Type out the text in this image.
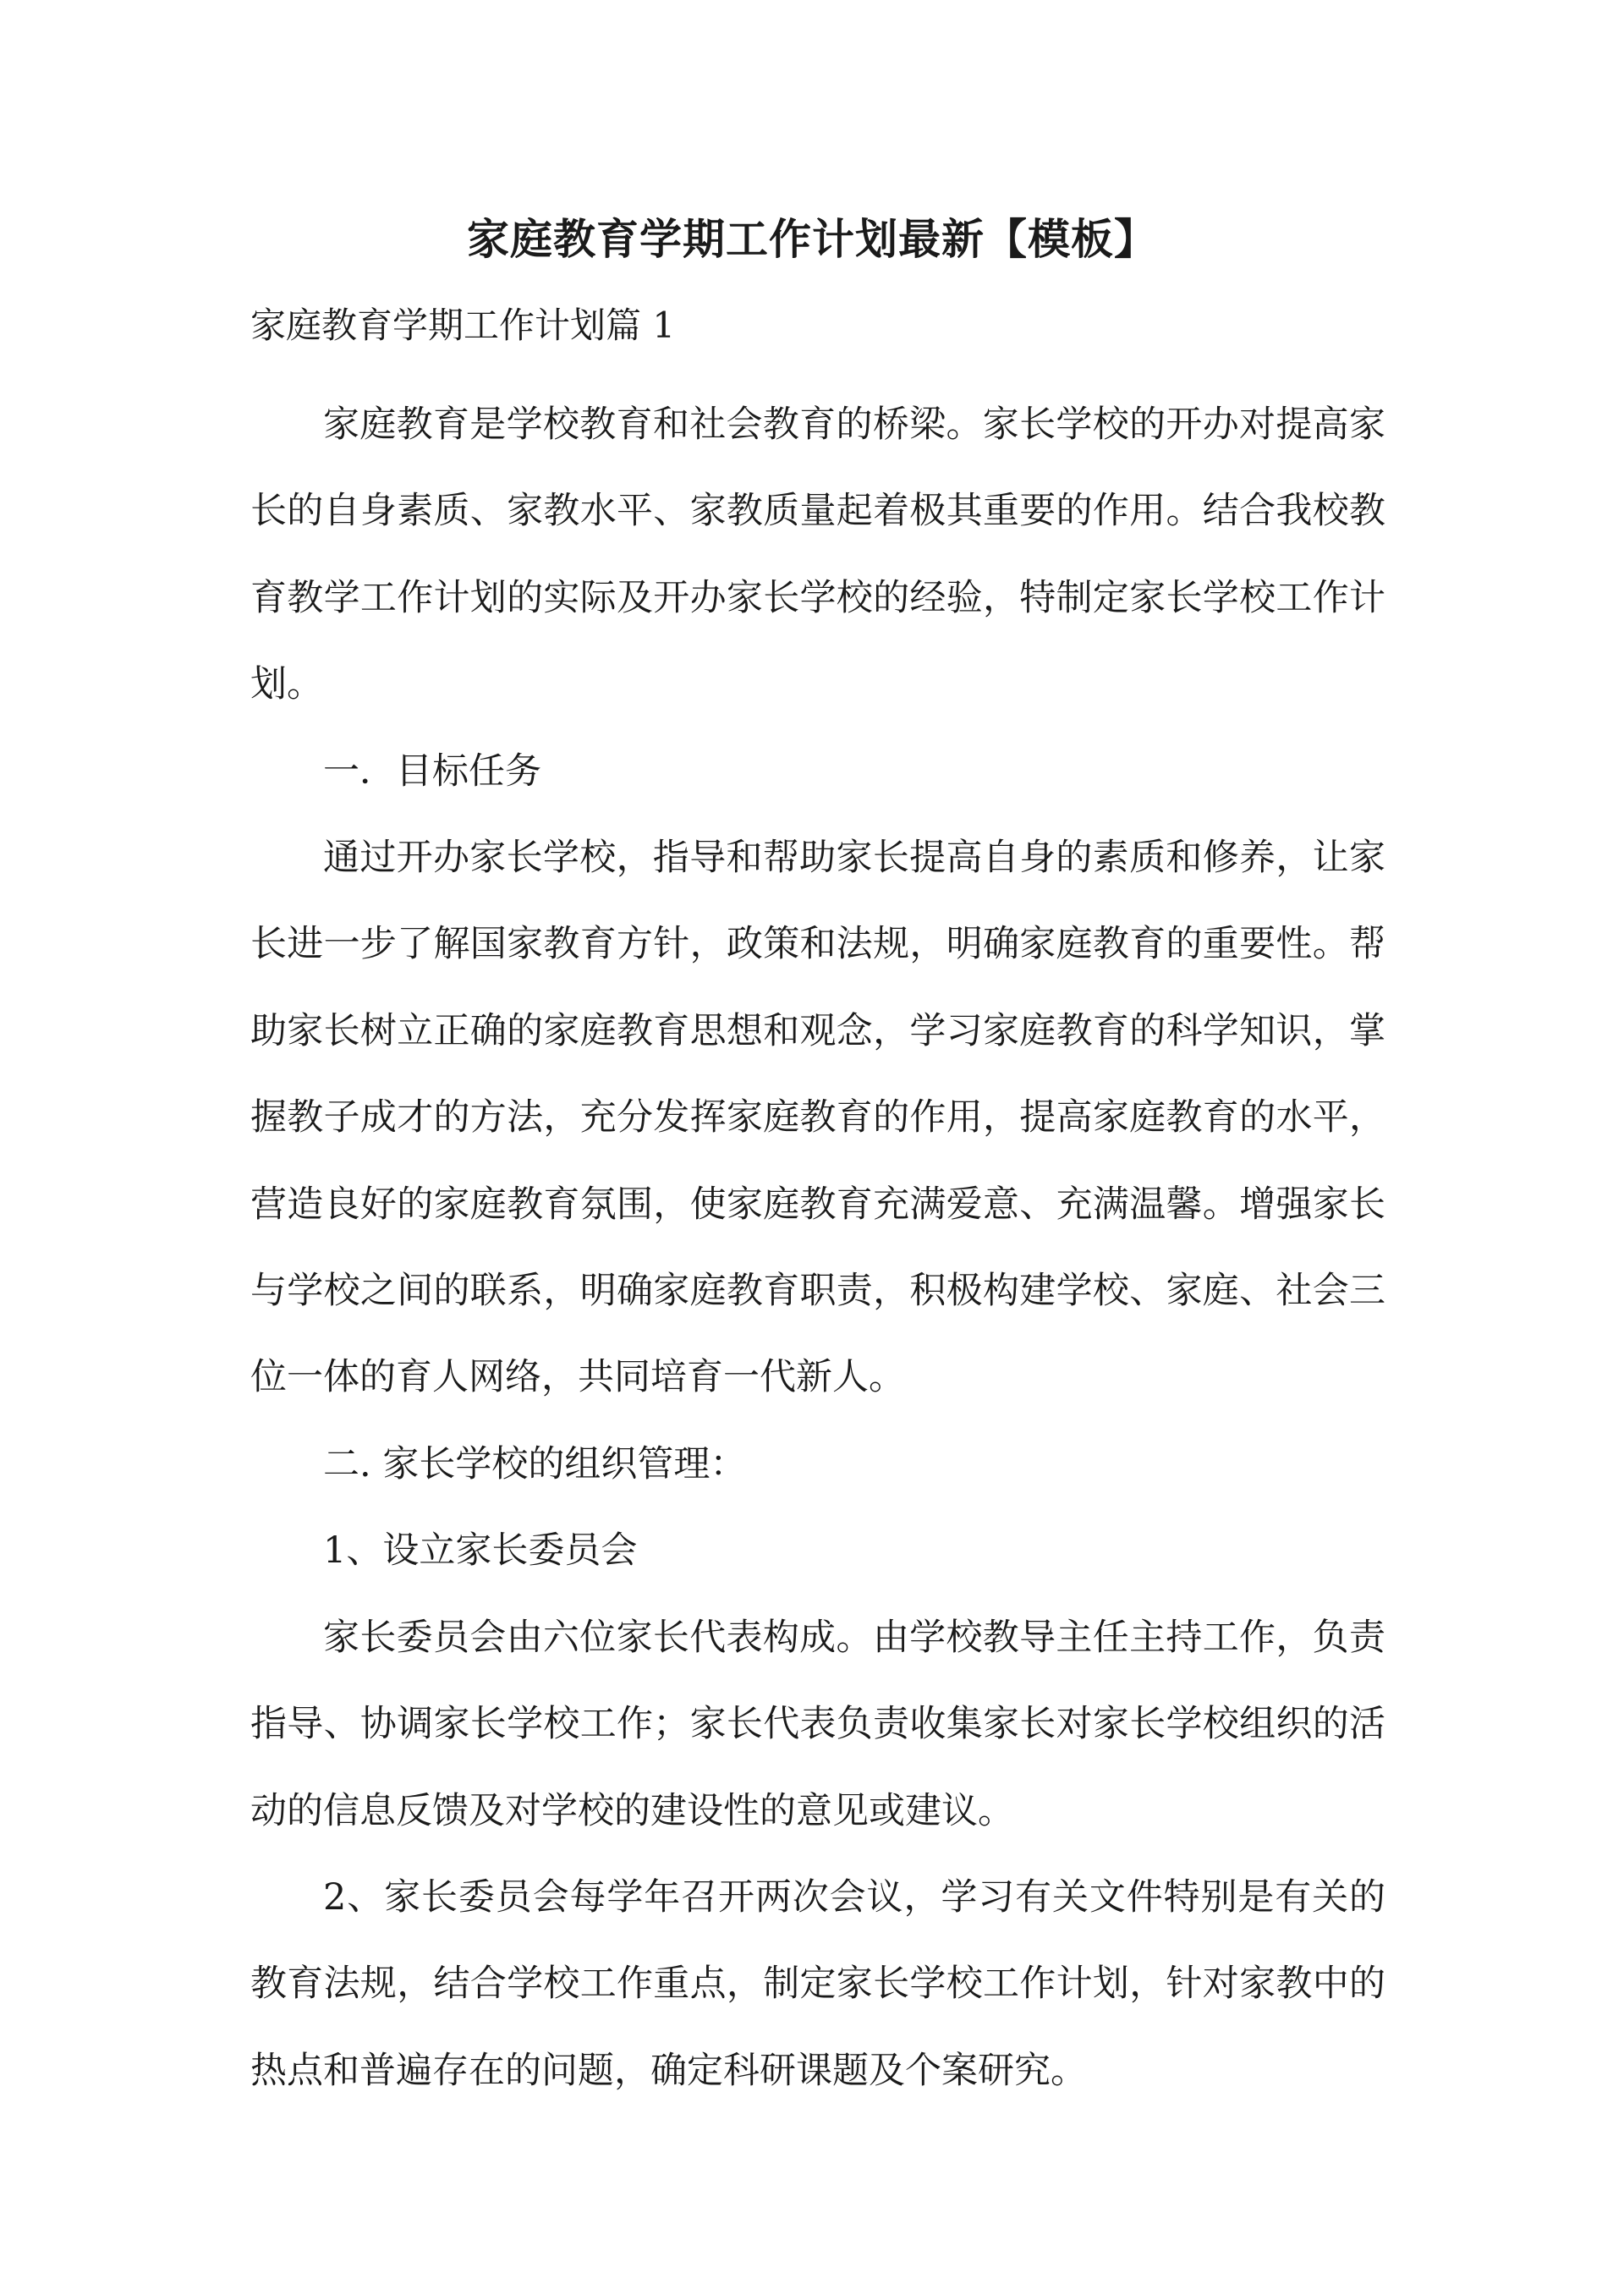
家庭教育学期工作计划最新【模板】

家庭教育学期工作计划篇 1

家庭教育是学校教育和社会教育的桥梁。家长学校的开办对提高家长的自身素质、家教水平、家教质量起着极其重要的作用。结合我校教育教学工作计划的实际及开办家长学校的经验，特制定家长学校工作计划。

一．目标任务

通过开办家长学校，指导和帮助家长提高自身的素质和修养，让家长进一步了解国家教育方针，政策和法规，明确家庭教育的重要性。帮助家长树立正确的家庭教育思想和观念，学习家庭教育的科学知识，掌握教子成才的方法，充分发挥家庭教育的作用，提高家庭教育的水平，营造良好的家庭教育氛围，使家庭教育充满爱意、充满温馨。增强家长与学校之间的联系，明确家庭教育职责，积极构建学校、家庭、社会三位一体的育人网络，共同培育一代新人。

二. 家长学校的组织管理：

1、设立家长委员会

家长委员会由六位家长代表构成。由学校教导主任主持工作，负责指导、协调家长学校工作；家长代表负责收集家长对家长学校组织的活动的信息反馈及对学校的建设性的意见或建议。

2、家长委员会每学年召开两次会议，学习有关文件特别是有关的教育法规，结合学校工作重点，制定家长学校工作计划，针对家教中的热点和普遍存在的问题，确定科研课题及个案研究。
